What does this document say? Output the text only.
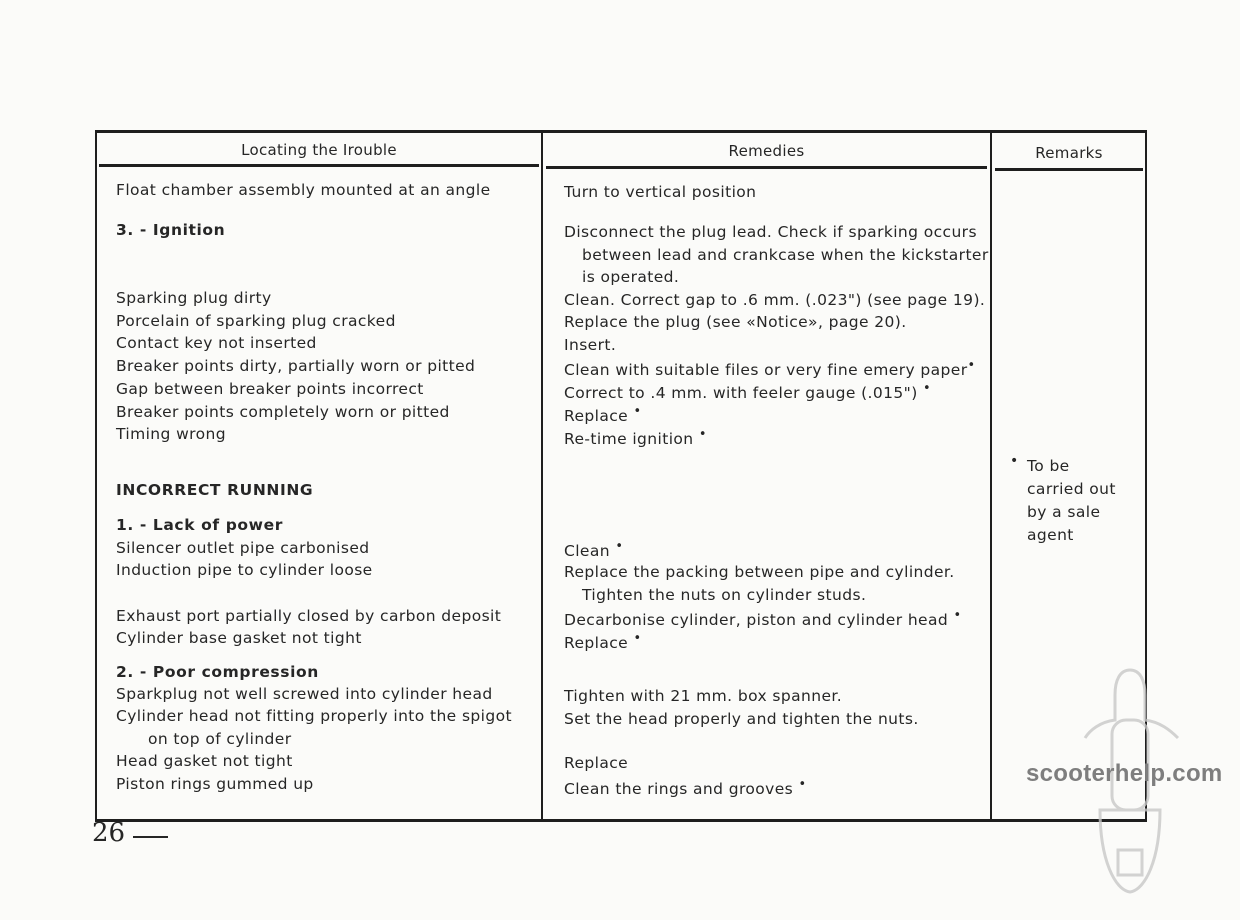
Locating the Irouble	Remedies	Remarks
Float chamber assembly mounted at an angle
3. - Ignition
Sparking plug dirty
Porcelain of sparking plug cracked
Contact key not inserted
Breaker points dirty, partially worn or pitted
Gap between breaker points incorrect
Breaker points completely worn or pitted
Timing wrong
INCORRECT RUNNING
1. - Lack of power
Silencer outlet pipe carbonised
Induction pipe to cylinder loose
Exhaust port partially closed by carbon deposit
Cylinder base gasket not tight
2. - Poor compression
Sparkplug not well screwed into cylinder head
Cylinder head not fitting properly into the spigot
on top of cylinder
Head gasket not tight
Piston rings gummed up
Turn to vertical position
Disconnect the plug lead. Check if sparking occurs
between lead and crankcase when the kickstarter
is operated.
Clean. Correct gap to .6 mm. (.023") (see page 19).
Replace the plug (see «Notice», page 20).
Insert.
Clean with suitable files or very fine emery paper•
Correct to .4 mm. with feeler gauge (.015") •
Replace •
Re-time ignition •
Clean •
Replace the packing between pipe and cylinder.
Tighten the nuts on cylinder studs.
Decarbonise cylinder, piston and cylinder head •
Replace •
Tighten with 21 mm. box spanner.
Set the head properly and tighten the nuts.
Replace
Clean the rings and grooves •
• To be
carried out
by a sale
agent
26
scooterhelp.com
